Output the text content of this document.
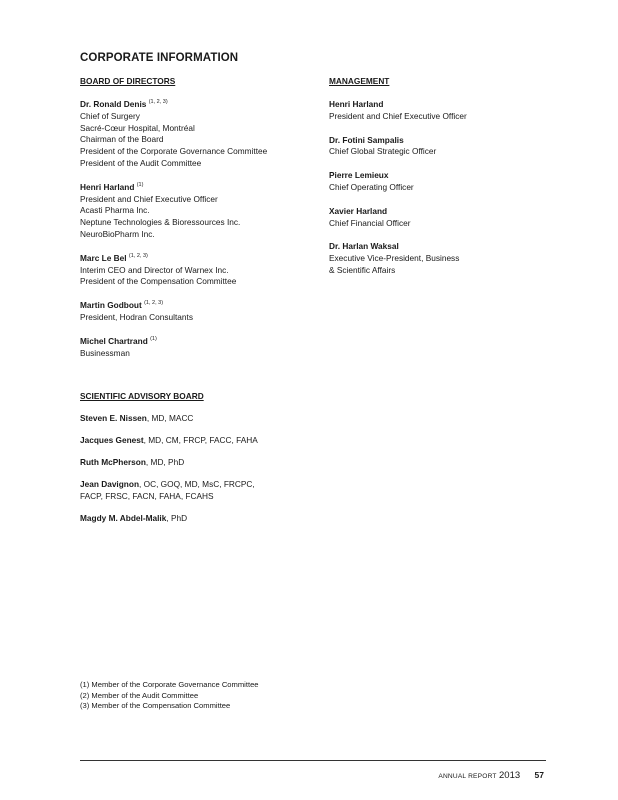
CORPORATE INFORMATION

BOARD OF DIRECTORS

Dr. Ronald Denis $^{(1, 2, 3)}$
Chief of Surgery
Sacré-Cœur Hospital, Montréal
Chairman of the Board
President of the Corporate Governance Committee
President of the Audit Committee
Henri Harland $^{(1)}$
President and Chief Executive Officer
Acasti Pharma Inc.
Neptune Technologies & Bioressources Inc.
NeuroBioPharm Inc.
Marc Le Bel $^{(1, 2, 3)}$
Interim CEO and Director of Warnex Inc.
President of the Compensation Committee
Martin Godbout $^{(1, 2, 3)}$
President, Hodran Consultants
Michel Chartrand $^{(1)}$
Businessman

MANAGEMENT

Henri Harland
President and Chief Executive Officer
Dr. Fotini Sampalis
Chief Global Strategic Officer
Pierre Lemieux
Chief Operating Officer
Xavier Harland
Chief Financial Officer
Dr. Harlan Waksal
Executive Vice-President, Business
& Scientific Affairs

SCIENTIFIC ADVISORY BOARD

Steven E. Nissen, MD, MACC
Jacques Genest, MD, CM, FRCP, FACC, FAHA
Ruth McPherson, MD, PhD
Jean Davignon, OC, GOQ, MD, MsC, FRCPC,
FACP, FRSC, FACN, FAHA, FCAHS
Magdy M. Abdel-Malik, PhD
(1) Member of the Corporate Governance Committee
(2) Member of the Audit Committee
(3) Member of the Compensation Committee
ANNUAL REPORT 2013 57
